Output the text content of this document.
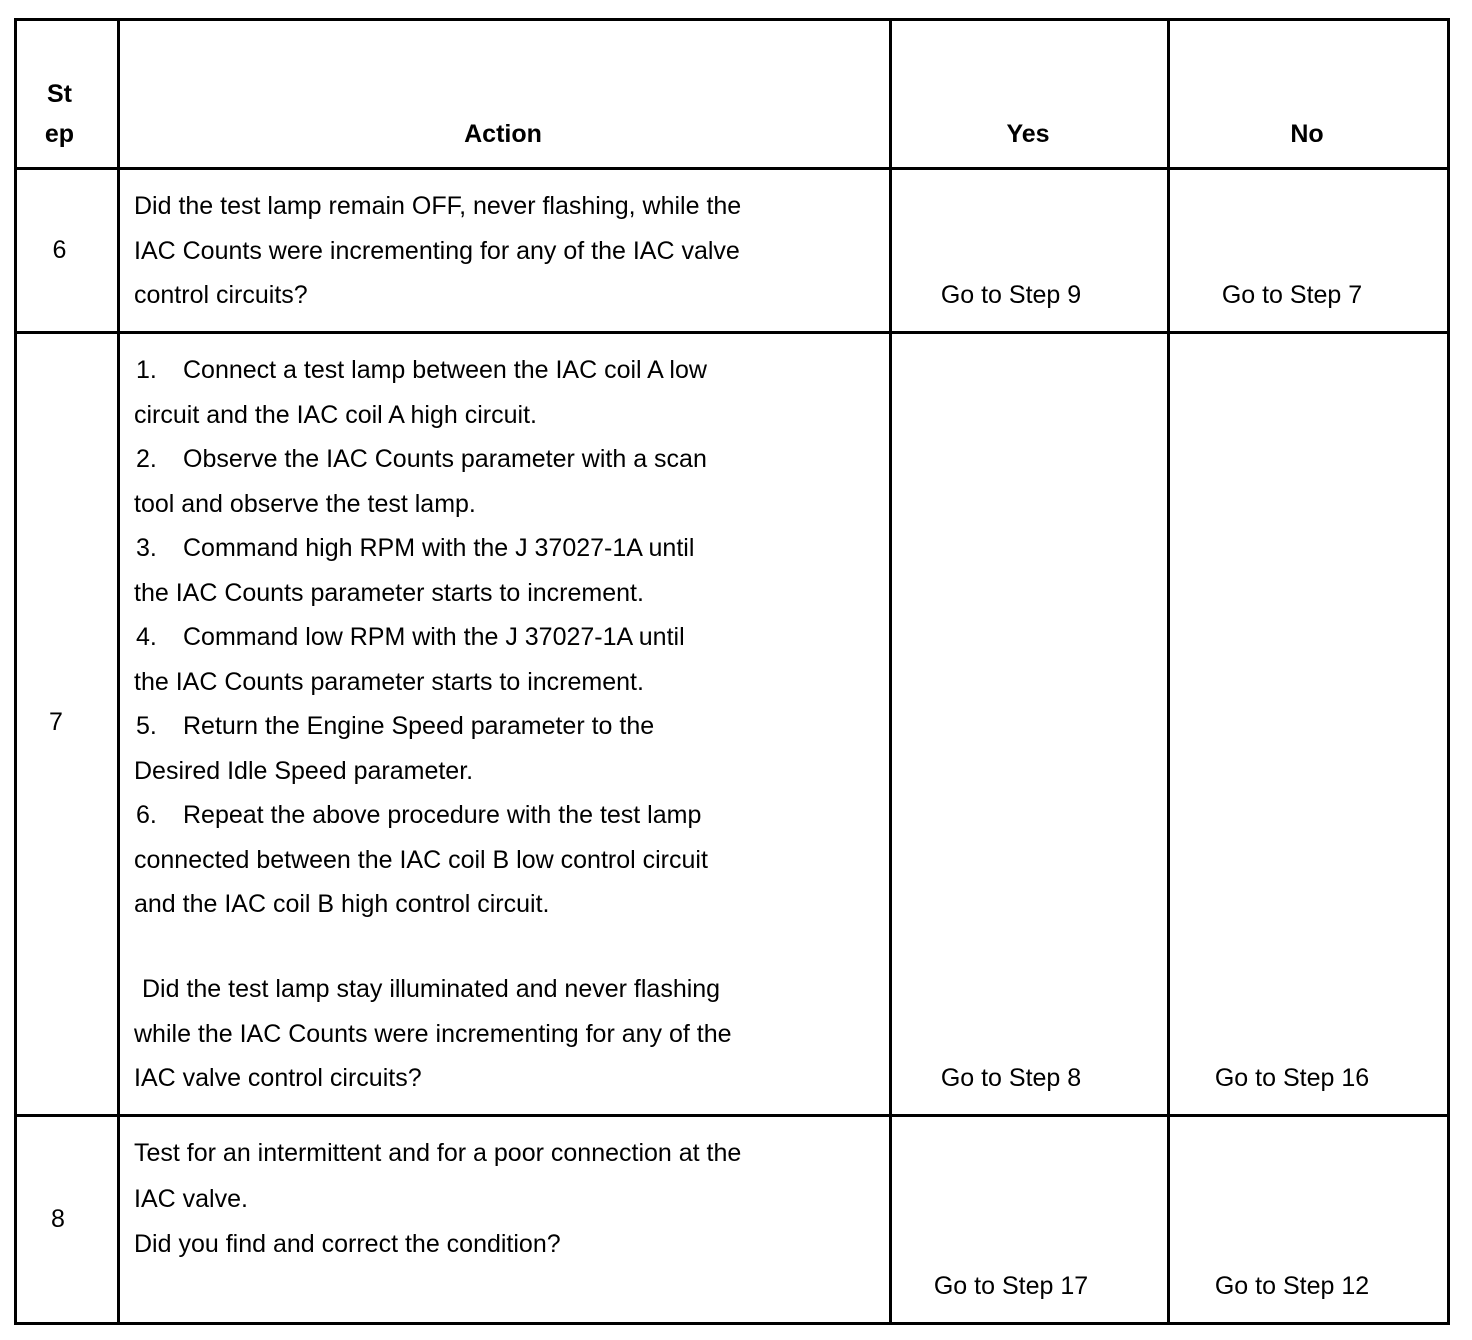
St
ep	Action	Yes	No
6
Did the test lamp remain OFF, never flashing, while the
IAC Counts were incrementing for any of the IAC valve
control circuits?	Go to Step 9	Go to Step 7
7
1. Connect a test lamp between the IAC coil A low
circuit and the IAC coil A high circuit.
2. Observe the IAC Counts parameter with a scan
tool and observe the test lamp.
3. Command high RPM with the J 37027-1A until
the IAC Counts parameter starts to increment.
4. Command low RPM with the J 37027-1A until
the IAC Counts parameter starts to increment.
5. Return the Engine Speed parameter to the
Desired Idle Speed parameter.
6. Repeat the above procedure with the test lamp
connected between the IAC coil B low control circuit
and the IAC coil B high control circuit.
Did the test lamp stay illuminated and never flashing
while the IAC Counts were incrementing for any of the
IAC valve control circuits?	Go to Step 8	Go to Step 16
8
Test for an intermittent and for a poor connection at the
IAC valve.
Did you find and correct the condition?
Go to Step 17	Go to Step 12
